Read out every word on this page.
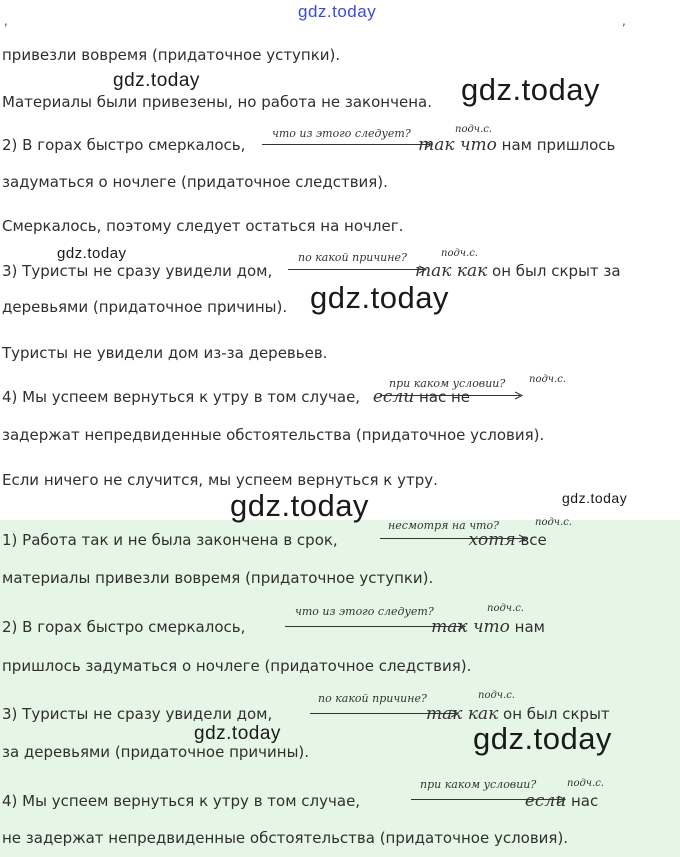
gdz.today
,	,
привезли вовремя (придаточное уступки).
gdz.today
Материалы были привезены, но работа не закончена. gdz.today
что из этого следует?	подч.с.
2) В горах быстро смеркалось,	так что нам пришлось
задуматься о ночлеге (придаточное следствия).
Смеркалось, поэтому следует остаться на ночлег.
gdz.today	по какой причине?	подч.с.
3) Туристы не сразу увидели дом,	так как он был скрыт за
деревьями (придаточное причины). gdz.today
Туристы не увидели дом из-за деревьев.
при каком условии? подч.с.
4) Мы успеем вернуться к утру в том случае, если нас не
задержат непредвиденные обстоятельства (придаточное условия).
Если ничего не случится, мы успеем вернуться к утру.
gdz.today	gdz.today
несмотря на что?	подч.с.
1) Работа так и не была закончена в срок,	хотя все
материалы привезли вовремя (придаточное уступки).
что из этого следует?	подч.с.
2) В горах быстро смеркалось,	так что нам
пришлось задуматься о ночлеге (придаточное следствия).
по какой причине?	подч.с.
3) Туристы не сразу увидели дом,	так как он был скрыт
gdz.today
за деревьями (придаточное причины).	gdz.today
при каком условии?	подч.с.
4) Мы успеем вернуться к утру в том случае,	если нас
не задержат непредвиденные обстоятельства (придаточное условия).
